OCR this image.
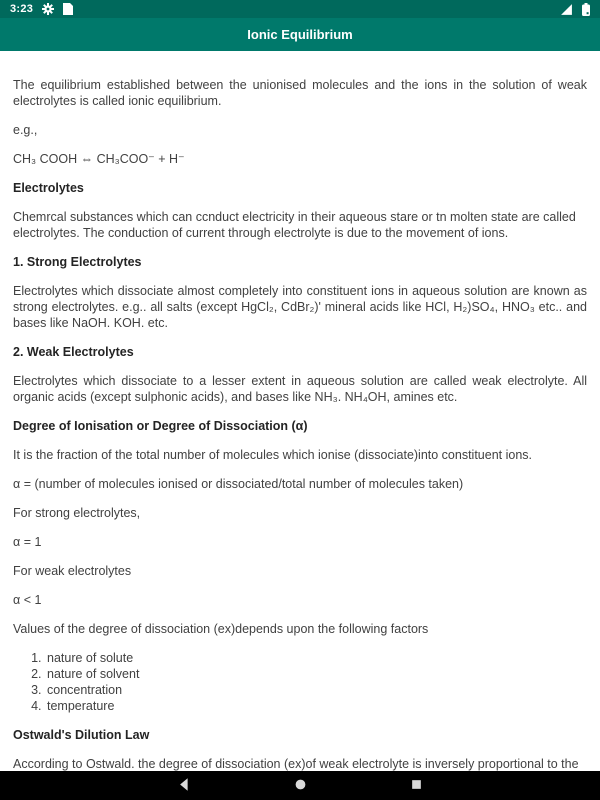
3:23
Ionic Equilibrium

The equilibrium established between the unionised molecules and the ions in the solution of weak electrolytes is called ionic equilibrium.

e.g.,

CH₃ COOH ⇔ CH₃COO⁻ + H⁻

Electrolytes

Chemrcal substances which can ccnduct electricity in their aqueous stare or tn molten state are called electrolytes. The conduction of current through electrolyte is due to the movement of ions.

1. Strong Electrolytes

Electrolytes which dissociate almost completely into constituent ions in aqueous solution are known as strong electrolytes. e.g.. all salts (except HgCl₂, CdBr₂)' mineral acids like HCl, H₂)SO₄, HNO₃ etc.. and bases like NaOH. KOH. etc.

2. Weak Electrolytes

Electrolytes which dissociate to a lesser extent in aqueous solution are called weak electrolyte. All organic acids (except sulphonic acids), and bases like NH₃. NH₄OH, amines etc.

Degree of Ionisation or Degree of Dissociation (α)

It is the fraction of the total number of molecules which ionise (dissociate)into constituent ions.

α = (number of molecules ionised or dissociated/total number of molecules taken)

For strong electrolytes,

α = 1

For weak electrolytes

α < 1

Values of the degree of dissociation (ex)depends upon the following factors

1. nature of solute
2. nature of solvent
3. concentration
4. temperature
Ostwald's Dilution Law

According to Ostwald. the degree of dissociation (ex)of weak electrolyte is inversely proportional to the
